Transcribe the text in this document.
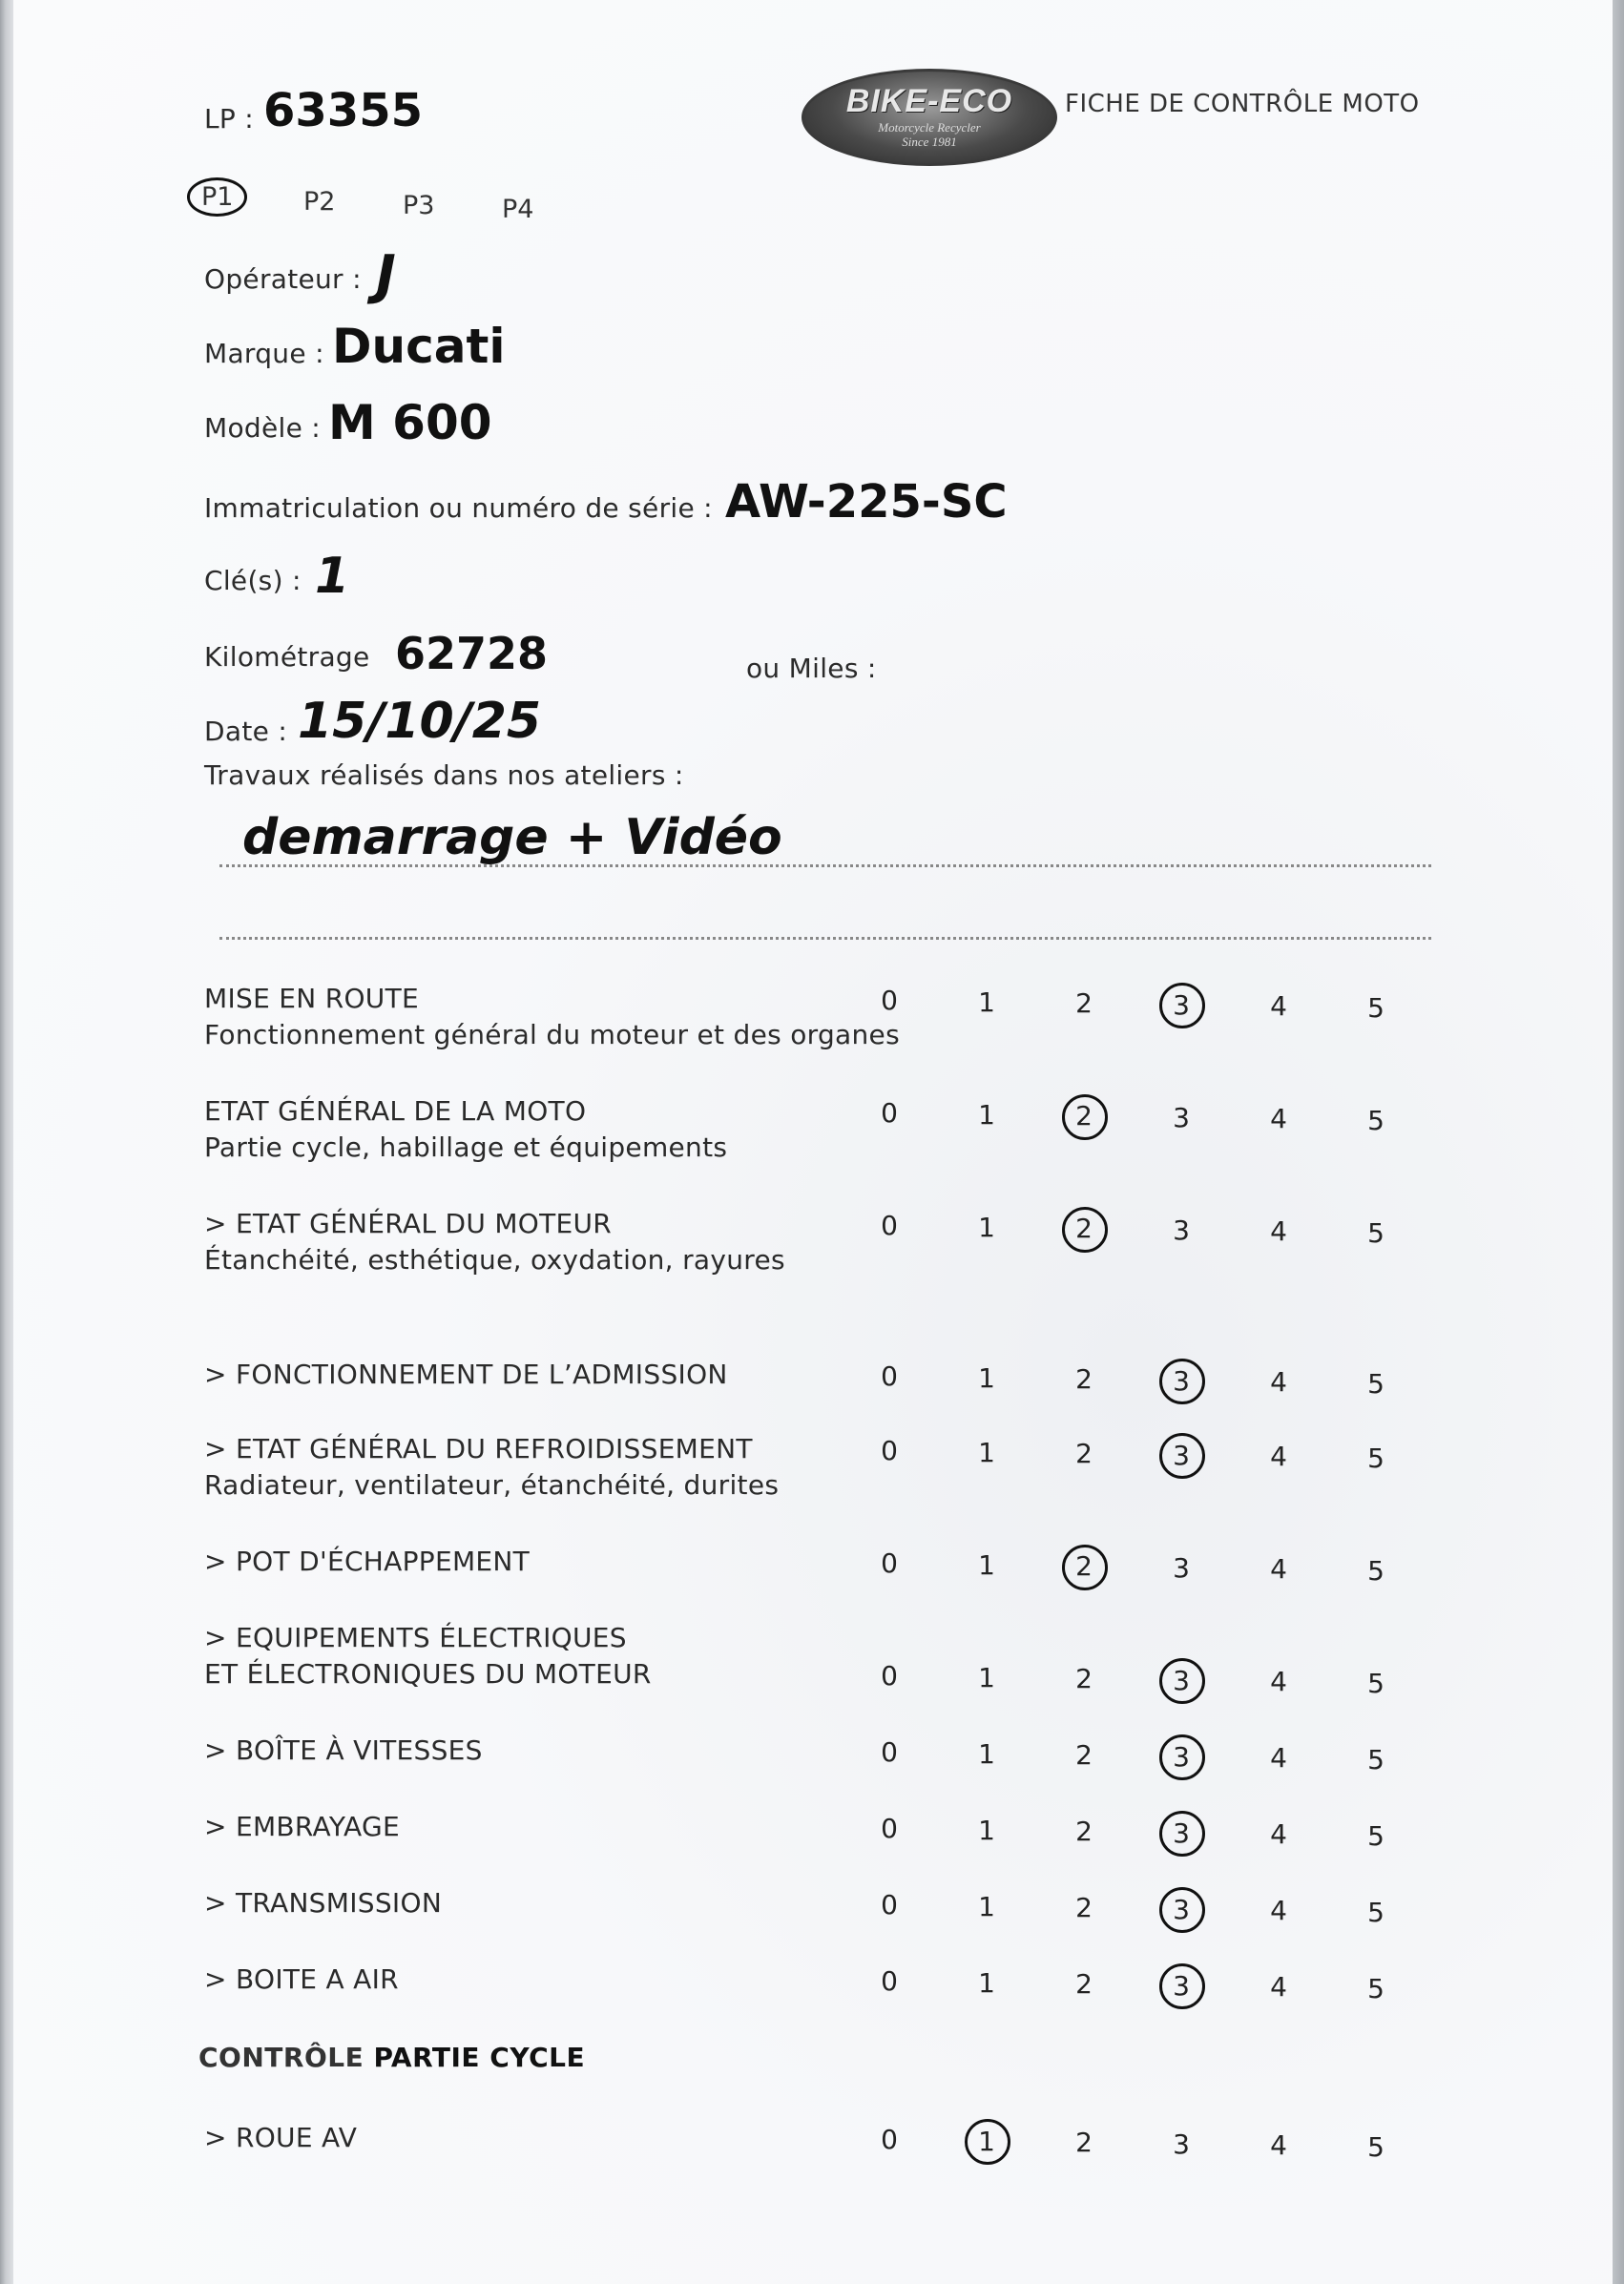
LP : 63355	BIKE-ECO
Motorcycle Recycler
Since 1981
FICHE DE CONTRÔLE MOTO
P1	P2	P3	P4
Opérateur : J
Marque : Ducati
Modèle : M 600
Immatriculation ou numéro de série : AW-225-SC
Clé(s) : 1
Kilométrage 62728	ou Miles :
Date : 15/10/25
Travaux réalisés dans nos ateliers :
demarrage + Vidéo
MISE EN ROUTE
Fonctionnement général du moteur et des organes
0	1	2	3	4	5
ETAT GÉNÉRAL DE LA MOTO
Partie cycle, habillage et équipements
0	1	2	3	4	5
> ETAT GÉNÉRAL DU MOTEUR
Étanchéité, esthétique, oxydation, rayures
0	1	2	3	4	5
> FONCTIONNEMENT DE L’ADMISSION	0	1	2	3	4	5
> ETAT GÉNÉRAL DU REFROIDISSEMENT
Radiateur, ventilateur, étanchéité, durites
0	1	2	3	4	5
> POT D'ÉCHAPPEMENT	0	1	2	3	4	5
> EQUIPEMENTS ÉLECTRIQUES
ET ÉLECTRONIQUES DU MOTEUR	0	1	2	3	4	5
> BOÎTE À VITESSES	0	1	2	3	4	5
> EMBRAYAGE	0	1	2	3	4	5
> TRANSMISSION	0	1	2	3	4	5
> BOITE A AIR	0	1	2	3	4	5
CONTRÔLE PARTIE CYCLE
> ROUE AV	0	1	2	3	4	5
